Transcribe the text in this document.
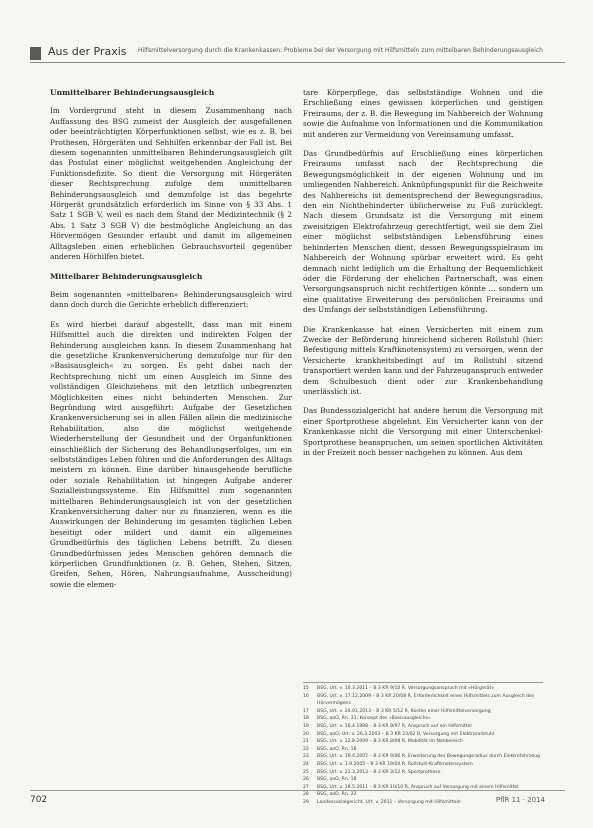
Aus der Praxis Hilfsmittelversorgung durch die Krankenkassen: Probleme bei der Versorgung mit Hilfsmitteln zum mittelbaren Behinderungsausgleich
Unmittelbarer Behinderungsausgleich

Im Vordergrund steht in diesem Zusammenhang nach Auffassung des BSG zumeist der Ausgleich der ausgefallenen oder beeinträchtigten Körperfunktionen selbst, wie es z. B. bei Prothesen, Hörgeräten und Sehhilfen erkennbar der Fall ist. Bei diesem sogenannten unmittelbaren Behinderungsausgleich gilt das Postulat einer möglichst weitgehenden Angleichung der Funktionsdefizite. So dient die Versorgung mit Hörgeräten dieser Rechtsprechung zufolge dem unmittelbaren Behinderungsausgleich und demzufolge ist das begehrte Hörgerät grundsätzlich erforderlich im Sinne von § 33 Abs. 1 Satz 1 SGB V, weil es nach dem Stand der Medizintechnik (§ 2 Abs. 1 Satz 3 SGB V) die bestmögliche Angleichung an das Hörvermögen Gesunder erlaubt und damit im allgemeinen Alltagsleben einen erheblichen Gebrauchsvorteil gegenüber anderen Hörhilfen bietet.

Mittelbarer Behinderungsausgleich

Beim sogenannten »mittelbaren« Behinderungsausgleich wird dann doch durch die Gerichte erheblich differenziert:

Es wird hierbei darauf abgestellt, dass man mit einem Hilfsmittel auch die direkten und indirekten Folgen der Behinderung ausgleichen kann. In diesem Zusammenhang hat die gesetzliche Krankenversicherung demzufolge nur für den »Basisausgleich« zu sorgen. Es geht dabei nach der Rechtsprechung nicht um einen Ausgleich im Sinne des vollständigen Gleichziehens mit den letztlich unbegrenzten Möglichkeiten eines nicht behinderten Menschen. Zur Begründung wird ausgeführt: Aufgabe der Gesetzlichen Krankenversicherung sei in allen Fällen allein die medizinische Rehabilitation, also die möglichst weitgehende Wiederherstellung der Gesundheit und der Organfunktionen einschließlich der Sicherung des Behandlungserfolges, um ein selbstständiges Leben führen und die Anforderungen des Alltags meistern zu können. Eine darüber hinausgehende berufliche oder soziale Rehabilitation ist hingegen Aufgabe anderer Sozialleistungssysteme. Ein Hilfsmittel zum sogenannten mittelbaren Behinderungsausgleich ist von der gesetzlichen Krankenversicherung daher nur zu finanzieren, wenn es die Auswirkungen der Behinderung im gesamten täglichen Leben beseitigt oder mildert und damit ein allgemeines Grundbedürfnis des täglichen Lebens betrifft. Zu diesen Grundbedürfnissen jedes Menschen gehören demnach die körperlichen Grundfunktionen (z. B. Gehen, Stehen, Sitzen, Greifen, Sehen, Hören, Nahrungsaufnahme, Ausscheidung) sowie die elemen-

tare Körperpflege, das selbstständige Wohnen und die Erschließung eines gewissen körperlichen und geistigen Freiraums, der z. B. die Bewegung im Nahbereich der Wohnung sowie die Aufnahme von Informationen und die Kommunikation mit anderen zur Vermeidung von Vereinsamung umfasst.

Das Grundbedürfnis auf Erschließung eines körperlichen Freiraums umfasst nach der Rechtsprechung die Bewegungsmöglichkeit in der eigenen Wohnung und im umliegenden Nahbereich. Anknüpfungspunkt für die Reichweite des Nahbereichs ist dementsprechend der Bewegungsradius, den ein Nichtbehinderter üblicherweise zu Fuß zurücklegt. Nach diesem Grundsatz ist die Versorgung mit einem zweisitzigen Elektrofahrzeug gerechtfertigt, weil sie dem Ziel einer möglichst selbstständigen Lebensführung eines behinderten Menschen dient, dessen Bewegungsspielraum im Nahbereich der Wohnung spürbar erweitert wird. Es geht demnach nicht lediglich um die Erhaltung der Bequemlichkeit oder die Förderung der ehelichen Partnerschaft, was einen Versorgungsanspruch nicht rechtfertigen könnte ... sondern um eine qualitative Erweiterung des persönlichen Freiraums und des Umfangs der selbstständigen Lebensführung.

Die Krankenkasse hat einen Versicherten mit einem zum Zwecke der Beförderung hinreichend sicheren Rollstuhl (hier: Befestigung mittels Kraftknotensystem) zu versorgen, wenn der Versicherte krankheitsbedingt auf im Rollstuhl sitzend transportiert werden kann und der Fahrzeuganspruch entweder dem Schulbesuch dient oder zur Krankenbehandlung unerlässlich ist.

Das Bundessozialgericht hat andere herum die Versorgung mit einer Sportprothese abgelehnt. Ein Versicherter kann von der Krankenkasse nicht die Versorgung mit einer Unterschenkel-Sportprothese beanspruchen, um seinen sportlichen Aktivitäten in der Freizeit noch besser nachgehen zu können. Aus dem

15	BSG, Urt. v. 10.3.2011 – B 3 KR 9/10 R, Versorgungsanspruch mit »Hörgerät«
16	BSG, Urt. v. 17.12.2009 – B 3 KR 20/08 R, Erforderlichkeit eines Hilfsmittels zum Ausgleich des Hörvermögens
17	BSG, Urt. v. 24.01.2013 – B 3 KR 5/12 R, Kosten einer Hilfsmittelversorgung
18	BSG, aaO, Rn. 31; Konzept des »Basisausgleichs«
19	BSG, Urt. v. 16.4.1998 – B 3 KR 9/97 R, Anspruch auf ein Hilfsmittel
20	BSG, aaO; Urt. v. 26.3.2003 – B 3 KR 23/02 R, Versorgung mit Elektrorollstuhl
21	BSG, Urt. v. 12.8.2009 – B 3 KR 8/08 R, Mobilität im Nahbereich
22	BSG, aaO, Rn. 16
23	BSG, Urt. v. 19.4.2007 – B 3 KR 9/06 R, Erweiterung des Bewegungsradius durch Elektrofahrzeug
24	BSG, Urt. v. 1.9.2005 – B 3 KR 19/04 R, Rollstuhl-Kraftknotensystem
25	BSG, Urt. v. 21.3.2013 – B 3 KR 3/12 R, Sportprothese
26	BSG, aaO, Rn. 18
27	BSG, Urt. v. 18.5.2011 – B 3 KR 10/10 R, Anspruch auf Versorgung mit einem Hilfsmittel
28	BSG, aaO, Rn. 22
29	Landessozialgericht, Urt. v. 2011 – Versorgung mit Hilfsmitteln
702	PflR 11 · 2014
